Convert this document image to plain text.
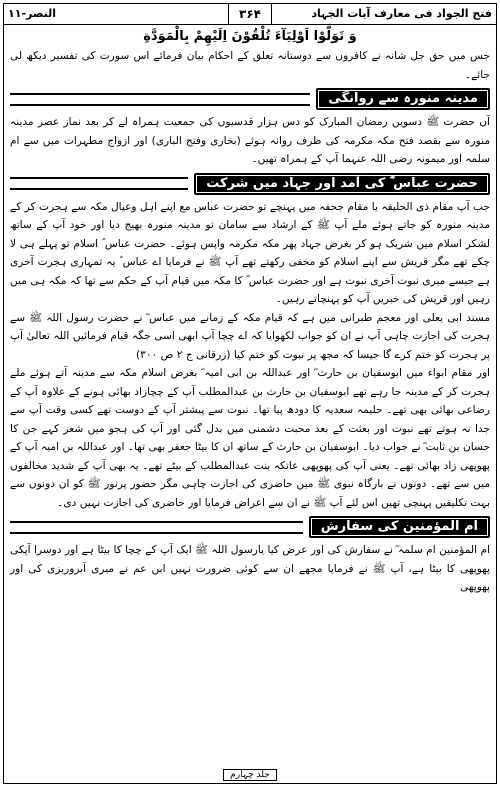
فتح الجواد فی معارف آیات الجہاد
۳۶۴
النصر-۱۱

وَ تَوَلَّوْا اَوْلِيَآءَ تُلْقُوْنَ اِلَيْهِمْ بِالْمَوَدَّةِ

جس میں حق جل شانہ نے کافروں سے دوستانہ تعلق کے احکام بیان فرمائے اس سورت کی تفسیر دیکھ لی جائے۔

مدینہ منورہ سے روانگی

آں حضرت ﷺ دسویں رمضان المبارک کو دس ہزار قدسیوں کی جمعیت ہمراہ لے کر بعد نماز عصر مدینہ منورہ سے بقصد فتح مکہ مکرمہ کی طرف روانہ ہوئے (بخاری وفتح الباری) اور ازواج مطہرات میں سے ام سلمہ اور میمونہ رضی اللہ عنہما آپ کے ہمراہ تھیں۔

حضرت عباس ؓ کی آمد اور جہاد میں شرکت

جب آپ مقام ذی الحلیفہ یا مقام جحفہ میں پہنچے تو حضرت عباس مع اپنے اہل وعیال مکہ سے ہجرت کر کے مدینہ منورہ کو جاتے ہوئے ملے آپ ﷺ کے ارشاد سے سامان تو مدینہ منورہ بھیج دیا اور خود آپ کے ساتھ لشکر اسلام میں شریک ہو کر بغرض جہاد پھر مکہ مکرمہ واپس ہوئے۔ حضرت عباس ؓ اسلام تو پہلے ہی لا چکے تھے مگر قریش سے اپنے اسلام کو مخفی رکھتے تھے آپ ﷺ نے فرمایا اے عباس ؓ یہ تمہاری ہجرت آخری ہے جیسے میری نبوت آخری نبوت ہے اور حضرت عباس ؓ کا مکہ میں قیام آپ کے حکم سے تھا کہ مکہ ہی میں رہیں اور قریش کی خبریں آپ کو پہنچاتے رہیں۔

مسند ابی یعلی اور معجم طبرانی میں ہے کہ قیام مکہ کے زمانے میں عباس ؓ نے حضرت رسول اللہ ﷺ سے ہجرت کی اجازت چاہی آپ نے ان کو جواب لکھوایا کہ اے چچا آپ ابھی اسی جگہ قیام فرمائیں اللہ تعالیٰ آپ پر ہجرت کو ختم کرے گا جیسا کہ مجھ پر نبوت کو ختم کیا (زرقانی ج ۲ ص ۳۰۰)

اور مقام ابواء میں ابوسفیان بن حارث ؓ اور عبداللہ بن ابی امیہ ؓ بغرض اسلام مکہ سے مدینہ آتے ہوئے ملے ہجرت کر کے مدینہ جا رہے تھے ابوسفیان بن حارث بن عبدالمطلب آپ کے چچازاد بھائی ہونے کے علاوہ آپ کے رضاعی بھائی بھی تھے۔ حلیمہ سعدیہ کا دودھ پیا تھا۔ نبوت سے پیشتر آپ کے دوست تھے کسی وقت آپ سے جدا نہ ہوتے تھے نبوت اور بعثت کے بعد محبت دشمنی میں بدل گئی اور آپ کی ہجو میں شعر کہے جن کا حسان بن ثابت ؓ نے جواب دیا۔ ابوسفیان بن حارث کے ساتھ ان کا بیٹا جعفر بھی تھا۔ اور عبداللہ بن امیہ آپ کے پھوپھی زاد بھائی تھے۔ یعنی آپ کی پھوپھی عاتکہ بنت عبدالمطلب کے بیٹے تھے۔ یہ بھی آپ کے شدید مخالفوں میں سے تھے۔ دونوں نے بارگاہ نبوی ﷺ میں حاضری کی اجازت چاہی مگر حضور پرنور ﷺ کو ان دونوں سے بہت تکلیفیں پہنچی تھیں اس لئے آپ ﷺ نے ان سے اعراض فرمایا اور حاضری کی اجازت نہیں دی۔

ام المؤمنین کی سفارش

ام المؤمنین ام سلمہ ؓ نے سفارش کی اور عرض کیا یارسول اللہ ﷺ ایک آپ کے چچا کا بیٹا ہے اور دوسرا آپکی پھوپھی کا بیٹا ہے، آپ ﷺ نے فرمایا مجھے ان سے کوئی ضرورت نہیں ابن عم نے میری آبروریزی کی اور پھوپھی

جلد چہارم
